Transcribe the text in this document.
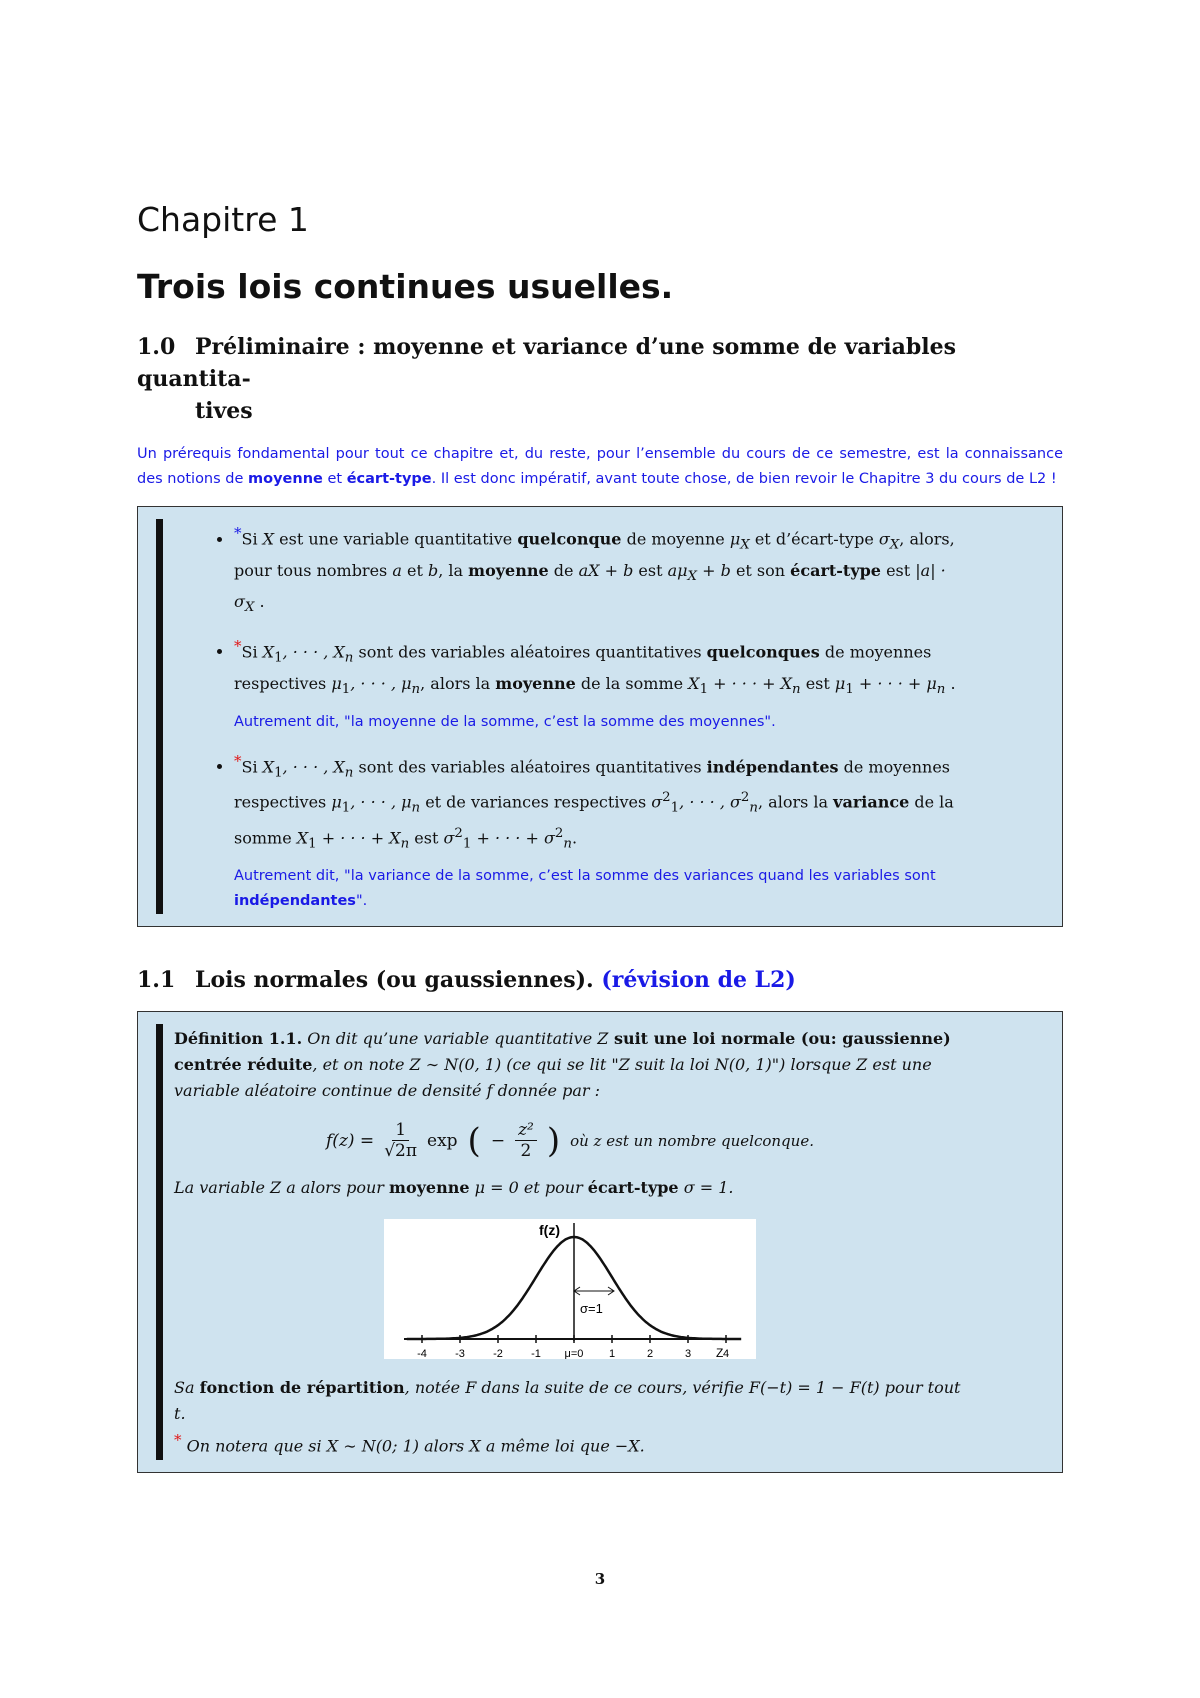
Chapitre 1
Trois lois continues usuelles.
1.0 Préliminaire : moyenne et variance d’une somme de variables quantita-
tives

Un prérequis fondamental pour tout ce chapitre et, du reste, pour l’ensemble du cours de ce semestre, est la connaissance des notions de moyenne et écart-type. Il est donc impératif, avant toute chose, de bien revoir le Chapitre 3 du cours de L2 !

• *Si X est une variable quantitative quelconque de moyenne $\mu_X$ et d’écart-type $\sigma_X$, alors, pour tous nombres a et b, la moyenne de aX + b est $a\mu_X + b$ et son écart-type est $|a| \cdot \sigma_X$ .
• *Si $X_1$, · · · , $X_n$ sont des variables aléatoires quantitatives quelconques de moyennes respectives $\mu_1$, · · · , $\mu_n$, alors la moyenne de la somme $X_1$ + · · · + $X_n$ est $\mu_1$ + · · · + $\mu_n$ .
Autrement dit, "la moyenne de la somme, c’est la somme des moyennes".
• *Si $X_1$, · · · , $X_n$ sont des variables aléatoires quantitatives indépendantes de moyennes respectives $\mu_1$, · · · , $\mu_n$ et de variances respectives $\sigma^2_1$, · · · , $\sigma^2_n$, alors la variance de la somme $X_1$ + · · · + $X_n$ est $\sigma^2_1$ + · · · + $\sigma^2_n$.
Autrement dit, "la variance de la somme, c’est la somme des variances quand les variables sont indépendantes".
1.1 Lois normales (ou gaussiennes). (révision de L2)
Définition 1.1. On dit qu’une variable quantitative Z suit une loi normale (ou: gaussienne) centrée réduite, et on note Z ∼ N(0, 1) (ce qui se lit "Z suit la loi N(0, 1)") lorsque Z est une variable aléatoire continue de densité f donnée par :
$f(z) = \frac{1}{√2\pi}$ exp ( − $\frac{\text{z²}}{2}$ ) où z est un nombre quelconque.
La variable Z a alors pour moyenne μ = 0 et pour écart-type σ = 1.
σ=1
f(z)
Z
-4	-3	-2	-1 μ=0 1	2	3	4
Sa fonction de répartition, notée F dans la suite de ce cours, vérifie F(−t) = 1 − F(t) pour tout t.
* On notera que si X ∼ N(0; 1) alors X a même loi que −X.
3
